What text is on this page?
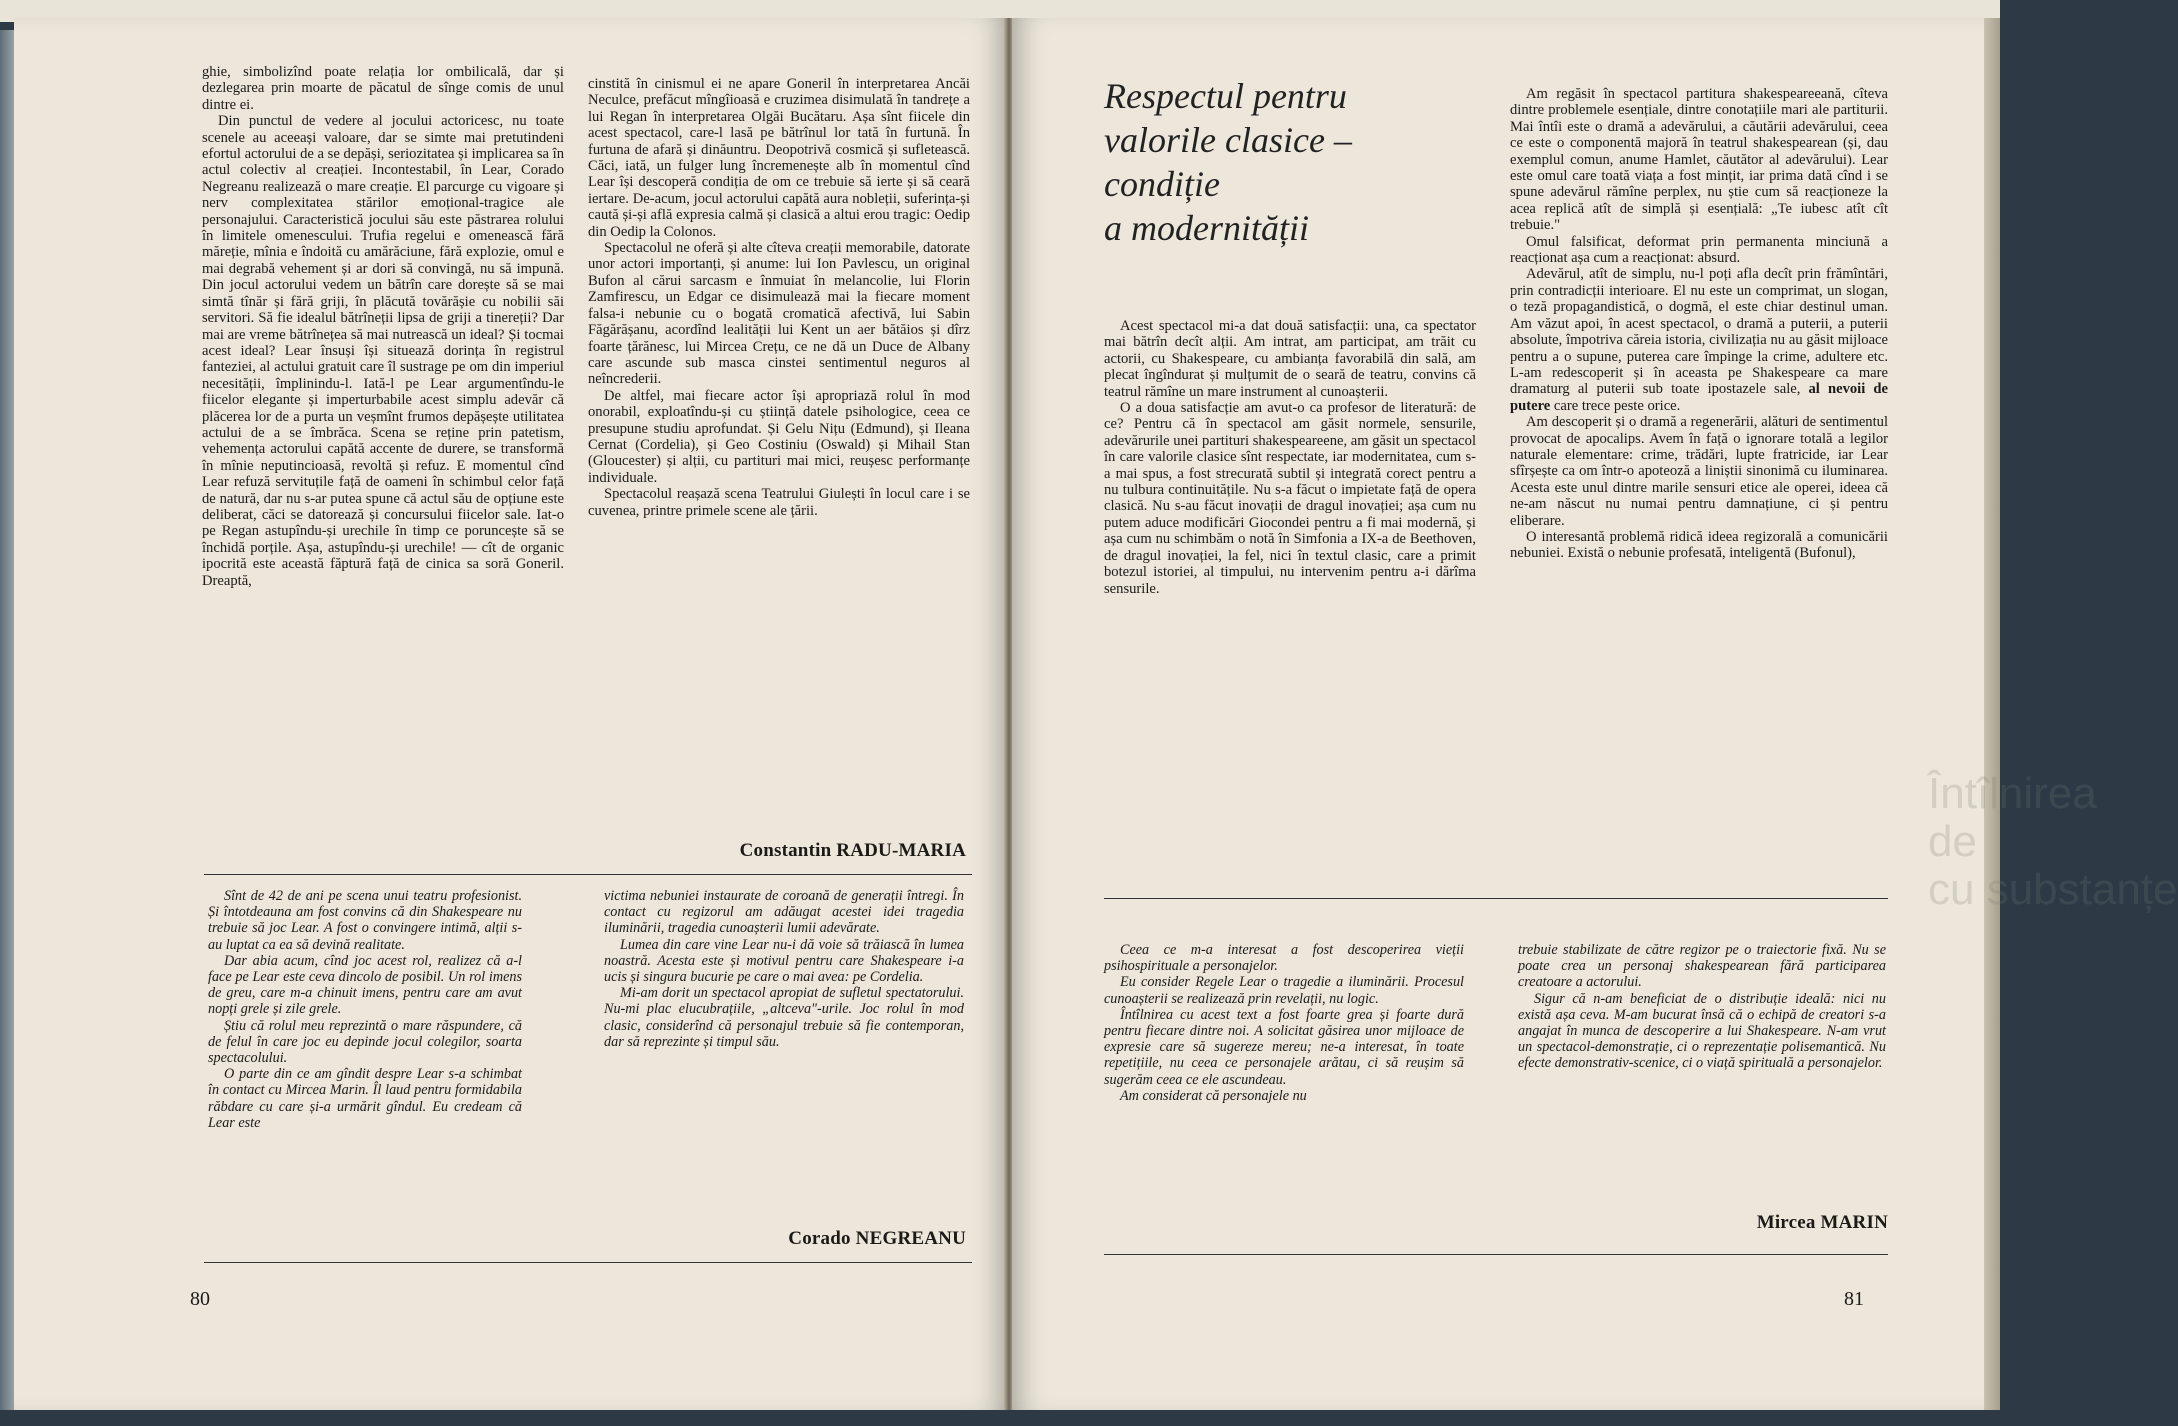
ghie, simbolizînd poate relația lor ombilicală, dar și dezlegarea prin moarte de păcatul de sînge comis de unul dintre ei.

Din punctul de vedere al jocului actoricesc, nu toate scenele au aceeași valoare, dar se simte mai pretutindeni efortul actorului de a se depăși, seriozitatea și implicarea sa în actul colectiv al creației. Incontestabil, în Lear, Corado Negreanu realizează o mare creație. El parcurge cu vigoare și nerv complexitatea stărilor emoțional-tragice ale personajului. Caracteristică jocului său este păstrarea rolului în limitele omenescului. Trufia regelui e omenească fără măreție, mînia e îndoită cu amărăciune, fără explozie, omul e mai degrabă vehement și ar dori să convingă, nu să impună. Din jocul actorului vedem un bătrîn care dorește să se mai simtă tînăr și fără griji, în plăcută tovărășie cu nobilii săi servitori. Să fie idealul bătrîneții lipsa de griji a tinereții? Dar mai are vreme bătrînețea să mai nutrească un ideal? Și tocmai acest ideal? Lear însuși își situează dorința în registrul fanteziei, al actului gratuit care îl sustrage pe om din imperiul necesității, împlinindu-l. Iată-l pe Lear argumentîndu-le fiicelor elegante și imperturbabile acest simplu adevăr că plăcerea lor de a purta un veșmînt frumos depășește utilitatea actului de a se îmbrăca. Scena se reține prin patetism, vehemența actorului capătă accente de durere, se transformă în mînie neputincioasă, revoltă și refuz. E momentul cînd Lear refuză servituțile față de oameni în schimbul celor față de natură, dar nu s-ar putea spune că actul său de opțiune este deliberat, căci se datorează și concursului fiicelor sale. Iat-o pe Regan astupîndu-și urechile în timp ce poruncește să se închidă porțile. Așa, astupîndu-și urechile! — cît de organic ipocrită este această făptură față de cinica sa soră Goneril. Dreaptă,

cinstită în cinismul ei ne apare Goneril în interpretarea Ancăi Neculce, prefăcut mîngîioasă e cruzimea disimulată în tandrețe a lui Regan în interpretarea Olgăi Bucătaru. Așa sînt fiicele din acest spectacol, care-l lasă pe bătrînul lor tată în furtună. În furtuna de afară și dinăuntru. Deopotrivă cosmică și sufletească. Căci, iată, un fulger lung încremenește alb în momentul cînd Lear își descoperă condiția de om ce trebuie să ierte și să ceară iertare. De-acum, jocul actorului capătă aura nobleții, suferința-și caută și-și află expresia calmă și clasică a altui erou tragic: Oedip din Oedip la Colonos.

Spectacolul ne oferă și alte cîteva creații memorabile, datorate unor actori importanți, și anume: lui Ion Pavlescu, un original Bufon al cărui sarcasm e înmuiat în melancolie, lui Florin Zamfirescu, un Edgar ce disimulează mai la fiecare moment falsa-i nebunie cu o bogată cromatică afectivă, lui Sabin Făgărășanu, acordînd lealității lui Kent un aer bătăios și dîrz foarte țărănesc, lui Mircea Crețu, ce ne dă un Duce de Albany care ascunde sub masca cinstei sentimentul neguros al neîncrederii.

De altfel, mai fiecare actor își apropriază rolul în mod onorabil, exploatîndu-și cu știință datele psihologice, ceea ce presupune studiu aprofundat. Și Gelu Nițu (Edmund), și Ileana Cernat (Cordelia), și Geo Costiniu (Oswald) și Mihail Stan (Gloucester) și alții, cu partituri mai mici, reușesc performanțe individuale.

Spectacolul reașază scena Teatrului Giulești în locul care i se cuvenea, printre primele scene ale țării.

Constantin RADU-MARIA

Sînt de 42 de ani pe scena unui teatru profesionist. Și întotdeauna am fost convins că din Shakespeare nu trebuie să joc Lear. A fost o convingere intimă, alții s-au luptat ca ea să devină realitate.

Dar abia acum, cînd joc acest rol, realizez că a-l face pe Lear este ceva dincolo de posibil. Un rol imens de greu, care m-a chinuit imens, pentru care am avut nopți grele și zile grele.

Știu că rolul meu reprezintă o mare răspundere, că de felul în care joc eu depinde jocul colegilor, soarta spectacolului.

O parte din ce am gîndit despre Lear s-a schimbat în contact cu Mircea Marin. Îl laud pentru formidabila răbdare cu care și-a urmărit gîndul. Eu credeam că Lear este

victima nebuniei instaurate de coroană de generații întregi. În contact cu regizorul am adăugat acestei idei tragedia iluminării, tragedia cunoașterii lumii adevărate.

Lumea din care vine Lear nu-i dă voie să trăiască în lumea noastră. Acesta este și motivul pentru care Shakespeare i-a ucis și singura bucurie pe care o mai avea: pe Cordelia.

Mi-am dorit un spectacol apropiat de sufletul spectatorului. Nu-mi plac elucubrațiile, „altceva"-urile. Joc rolul în mod clasic, considerînd că personajul trebuie să fie contemporan, dar să reprezinte și timpul său.

Corado NEGREANU
80
Respectul pentru
valorile clasice –
condiție
a modernității

Acest spectacol mi-a dat două satisfacții: una, ca spectator mai bătrîn decît alții. Am intrat, am participat, am trăit cu actorii, cu Shakespeare, cu ambianța favorabilă din sală, am plecat îngîndurat și mulțumit de o seară de teatru, convins că teatrul rămîne un mare instrument al cunoașterii.

O a doua satisfacție am avut-o ca profesor de literatură: de ce? Pentru că în spectacol am găsit normele, sensurile, adevărurile unei partituri shakespeareene, am găsit un spectacol în care valorile clasice sînt respectate, iar modernitatea, cum s-a mai spus, a fost strecurată subtil și integrată corect pentru a nu tulbura continuitățile. Nu s-a făcut o impietate față de opera clasică. Nu s-au făcut inovații de dragul inovației; așa cum nu putem aduce modificări Giocondei pentru a fi mai modernă, și așa cum nu schimbăm o notă în Simfonia a IX-a de Beethoven, de dragul inovației, la fel, nici în textul clasic, care a primit botezul istoriei, al timpului, nu intervenim pentru a-i dărîma sensurile.

Am regăsit în spectacol partitura shakespeareeană, cîteva dintre problemele esențiale, dintre conotațiile mari ale partiturii. Mai întîi este o dramă a adevărului, a căutării adevărului, ceea ce este o componentă majoră în teatrul shakespearean (și, dau exemplul comun, anume Hamlet, căutător al adevărului). Lear este omul care toată viața a fost mințit, iar prima dată cînd i se spune adevărul rămîne perplex, nu știe cum să reacționeze la acea replică atît de simplă și esențială: „Te iubesc atît cît trebuie."

Omul falsificat, deformat prin permanenta minciună a reacționat așa cum a reacționat: absurd.

Adevărul, atît de simplu, nu-l poți afla decît prin frămîntări, prin contradicții interioare. El nu este un comprimat, un slogan, o teză propagandistică, o dogmă, el este chiar destinul uman. Am văzut apoi, în acest spectacol, o dramă a puterii, a puterii absolute, împotriva căreia istoria, civilizația nu au găsit mijloace pentru a o supune, puterea care împinge la crime, adultere etc. L-am redescoperit și în aceasta pe Shakespeare ca mare dramaturg al puterii sub toate ipostazele sale, al nevoii de putere care trece peste orice.

Am descoperit și o dramă a regenerării, alături de sentimentul provocat de apocalips. Avem în față o ignorare totală a legilor naturale elementare: crime, trădări, lupte fratricide, iar Lear sfîrșește ca om într-o apoteoză a liniștii sinonimă cu iluminarea. Acesta este unul dintre marile sensuri etice ale operei, ideea că ne-am născut nu numai pentru damnațiune, ci și pentru eliberare.

O interesantă problemă ridică ideea regizorală a comunicării nebuniei. Există o nebunie profesată, inteligentă (Bufonul),

Ceea ce m-a interesat a fost descoperirea vieții psihospirituale a personajelor.

Eu consider Regele Lear o tragedie a iluminării. Procesul cunoașterii se realizează prin revelații, nu logic.

Întîlnirea cu acest text a fost foarte grea și foarte dură pentru fiecare dintre noi. A solicitat găsirea unor mijloace de expresie care să sugereze mereu; ne-a interesat, în toate repetițiile, nu ceea ce personajele arătau, ci să reușim să sugerăm ceea ce ele ascundeau.

Am considerat că personajele nu

trebuie stabilizate de către regizor pe o traiectorie fixă. Nu se poate crea un personaj shakespearean fără participarea creatoare a actorului.

Sigur că n-am beneficiat de o distribuție ideală: nici nu există așa ceva. M-am bucurat însă că o echipă de creatori s-a angajat în munca de descoperire a lui Shakespeare. N-am vrut un spectacol-demonstrație, ci o reprezentație polisemantică. Nu efecte demonstrativ-scenice, ci o viață spirituală a personajelor.

Mircea MARIN
81
Întîlnirea
de
cu substanțe
